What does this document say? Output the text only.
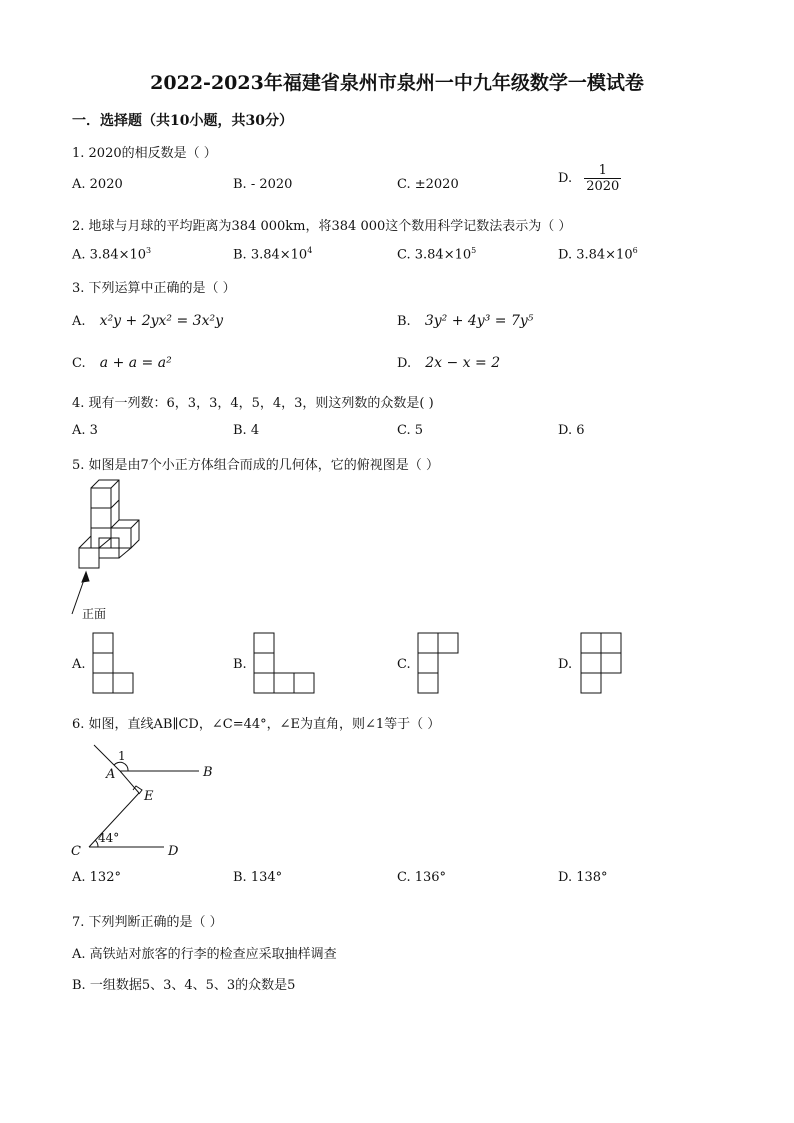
2022-2023年福建省泉州市泉州一中九年级数学一模试卷
一．选择题（共10小题，共30分）
1. 2020的相反数是（ ）
A. 2020	B. - 2020	C. ±2020	D. $\frac{1}{2020}$
2. 地球与月球的平均距离为384 000km，将384 000这个数用科学记数法表示为（ ）
A. $3.84\times 10^3$	B. $3.84\times 10^4$	C. $3.84\times 10^5$	D. $3.84\times 10^6$
3. 下列运算中正确的是（ ）
A. x²y + 2yx² = 3x²y	B. 3y² + 4y³ = 7y⁵
C. a + a = a²	D. 2x − x = 2
4. 现有一列数：6，3，3，4，5，4，3，则这列数的众数是( )
A. 3	B. 4	C. 5	D. 6
5. 如图是由7个小正方体组合而成的几何体，它的俯视图是（ ）
正面
A.	B.	C.	D.
6. 如图，直线AB∥CD，∠C=44°，∠E为直角，则∠1等于（ ）
1
A	B
E
C	D
44°
A. 132°	B. 134°	C. 136°	D. 138°
7. 下列判断正确的是（ ）
A. 高铁站对旅客的行李的检查应采取抽样调查
B. 一组数据5、3、4、5、3的众数是5
